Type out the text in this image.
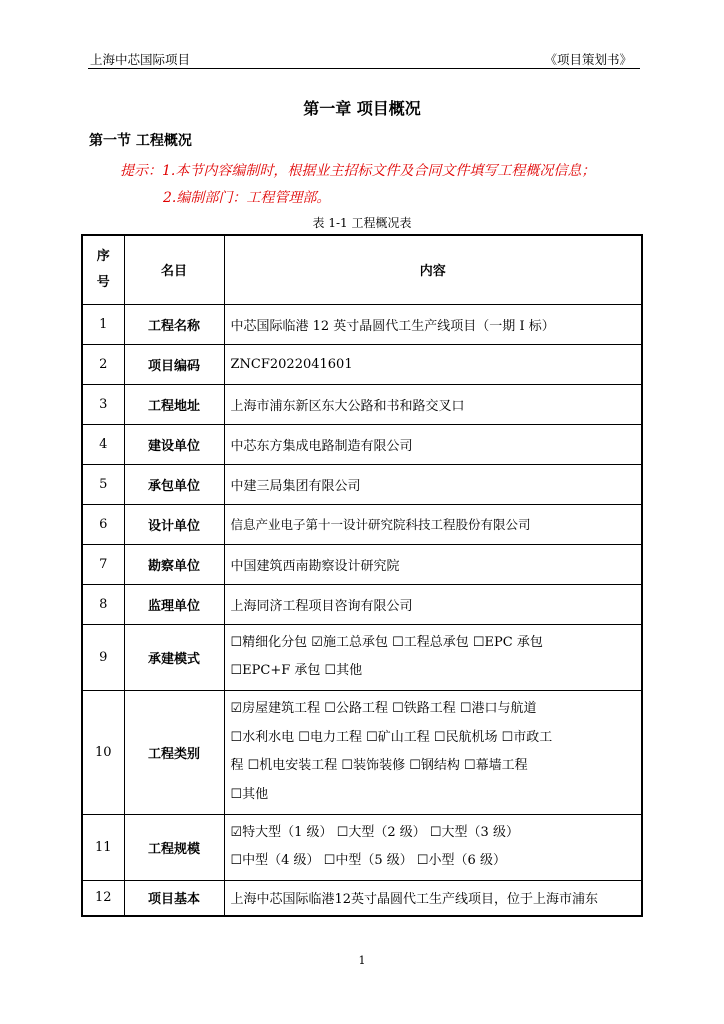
上海中芯国际项目	《项目策划书》
第一章 项目概况
第一节 工程概况
提示：1.本节内容编制时，根据业主招标文件及合同文件填写工程概况信息；
2.编制部门：工程管理部。
表 1-1 工程概况表
序号	名目	内容
1	工程名称	中芯国际临港 12 英寸晶圆代工生产线项目（一期 I 标）
2	项目编码	ZNCF2022041601
3	工程地址	上海市浦东新区东大公路和书和路交叉口
4	建设单位	中芯东方集成电路制造有限公司
5	承包单位	中建三局集团有限公司
6	设计单位	信息产业电子第十一设计研究院科技工程股份有限公司
7	勘察单位	中国建筑西南勘察设计研究院
8	监理单位	上海同济工程项目咨询有限公司
9	承建模式	☐精细化分包 ☑施工总承包 ☐工程总承包 ☐EPC 承包
☐EPC+F 承包 ☐其他

10	工程类别	☑房屋建筑工程 ☐公路工程 ☐铁路工程 ☐港口与航道
☐水利水电 ☐电力工程 ☐矿山工程 ☐民航机场 ☐市政工
程 ☐机电安装工程 ☐装饰装修 ☐钢结构 ☐幕墙工程
☐其他

11	工程规模	☑特大型（1 级） ☐大型（2 级） ☐大型（3 级）
☐中型（4 级） ☐中型（5 级） ☐小型（6 级）

12	项目基本	上海中芯国际临港12英寸晶圆代工生产线项目，位于上海市浦东
1
